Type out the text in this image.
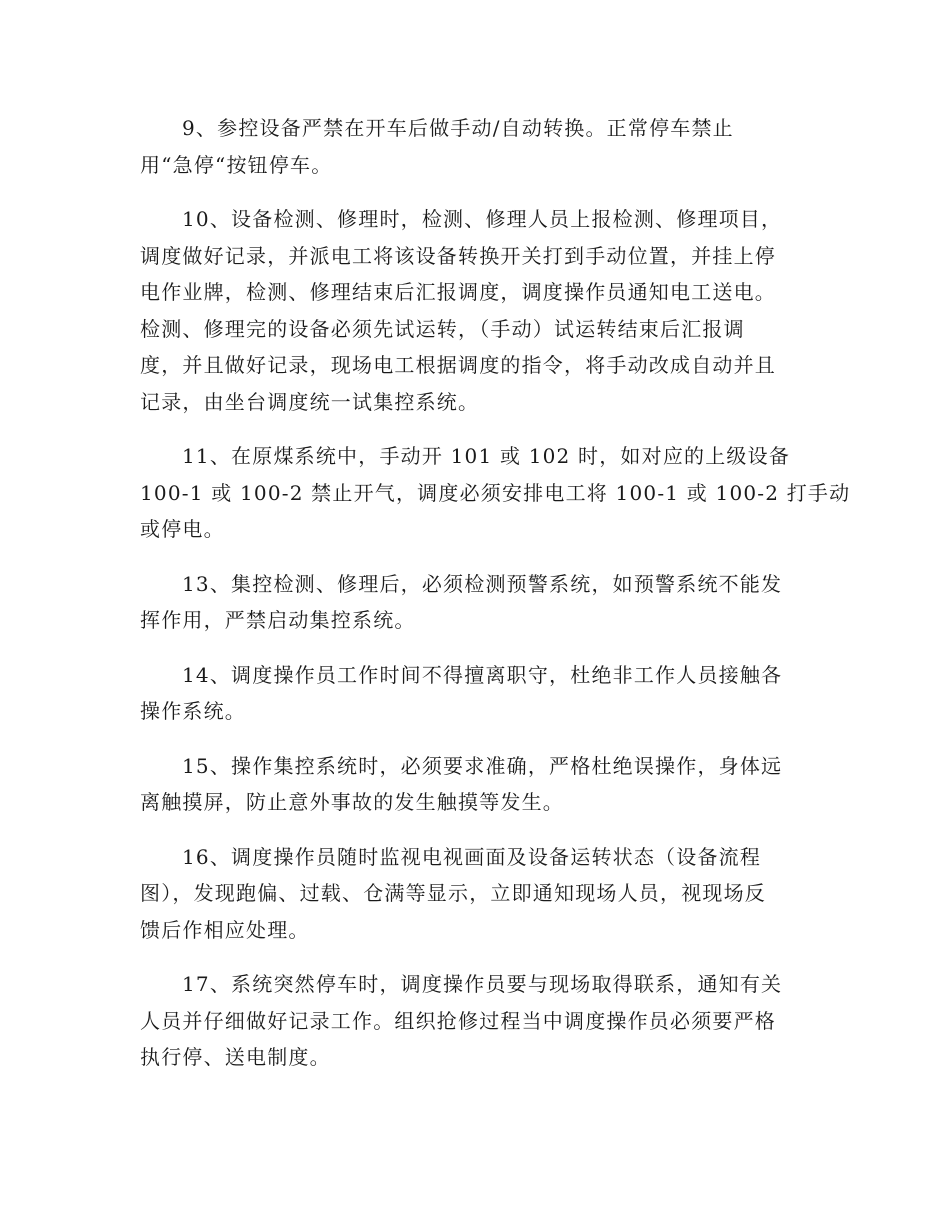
9、参控设备严禁在开车后做手动/自动转换。正常停车禁止
用“急停“按钮停车。

10、设备检测、修理时，检测、修理人员上报检测、修理项目，
调度做好记录，并派电工将该设备转换开关打到手动位置，并挂上停
电作业牌，检测、修理结束后汇报调度，调度操作员通知电工送电。
检测、修理完的设备必须先试运转，（手动）试运转结束后汇报调
度，并且做好记录，现场电工根据调度的指令，将手动改成自动并且
记录，由坐台调度统一试集控系统。

11、在原煤系统中，手动开 101 或 102 时，如对应的上级设备
100-1 或 100-2 禁止开气，调度必须安排电工将 100-1 或 100-2 打手动
或停电。

13、集控检测、修理后，必须检测预警系统，如预警系统不能发
挥作用，严禁启动集控系统。

14、调度操作员工作时间不得擅离职守，杜绝非工作人员接触各
操作系统。

15、操作集控系统时，必须要求准确，严格杜绝误操作，身体远
离触摸屏，防止意外事故的发生触摸等发生。

16、调度操作员随时监视电视画面及设备运转状态（设备流程
图），发现跑偏、过载、仓满等显示，立即通知现场人员，视现场反
馈后作相应处理。

17、系统突然停车时，调度操作员要与现场取得联系，通知有关
人员并仔细做好记录工作。组织抢修过程当中调度操作员必须要严格
执行停、送电制度。
